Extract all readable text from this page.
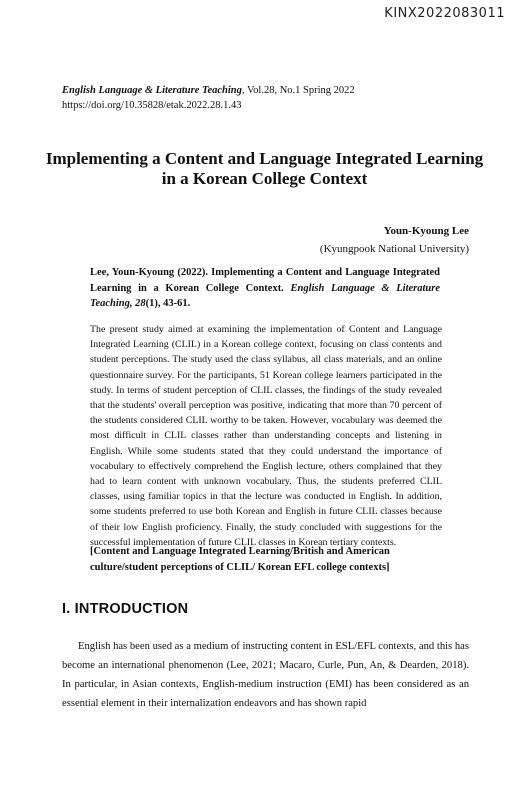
KINX2022083011
English Language & Literature Teaching, Vol.28, No.1 Spring 2022
https://doi.org/10.35828/etak.2022.28.1.43
Implementing a Content and Language Integrated Learning in a Korean College Context
Youn-Kyoung Lee
(Kyungpook National University)
Lee, Youn-Kyoung (2022). Implementing a Content and Language Integrated Learning in a Korean College Context. English Language & Literature Teaching, 28(1), 43-61.
The present study aimed at examining the implementation of Content and Language Integrated Learning (CLIL) in a Korean college context, focusing on class contents and student perceptions. The study used the class syllabus, all class materials, and an online questionnaire survey. For the participants, 51 Korean college learners participated in the study. In terms of student perception of CLIL classes, the findings of the study revealed that the students' overall perception was positive, indicating that more than 70 percent of the students considered CLIL worthy to be taken. However, vocabulary was deemed the most difficult in CLIL classes rather than understanding concepts and listening in English. While some students stated that they could understand the importance of vocabulary to effectively comprehend the English lecture, others complained that they had to learn content with unknown vocabulary. Thus, the students preferred CLIL classes, using familiar topics in that the lecture was conducted in English. In addition, some students preferred to use both Korean and English in future CLIL classes because of their low English proficiency. Finally, the study concluded with suggestions for the successful implementation of future CLIL classes in Korean tertiary contexts.
[Content and Language Integrated Learning/British and American culture/student perceptions of CLIL/ Korean EFL college contexts]
I. INTRODUCTION
English has been used as a medium of instructing content in ESL/EFL contexts, and this has become an international phenomenon (Lee, 2021; Macaro, Curle, Pun, An, & Dearden, 2018). In particular, in Asian contexts, English-medium instruction (EMI) has been considered as an essential element in their internalization endeavors and has shown rapid
